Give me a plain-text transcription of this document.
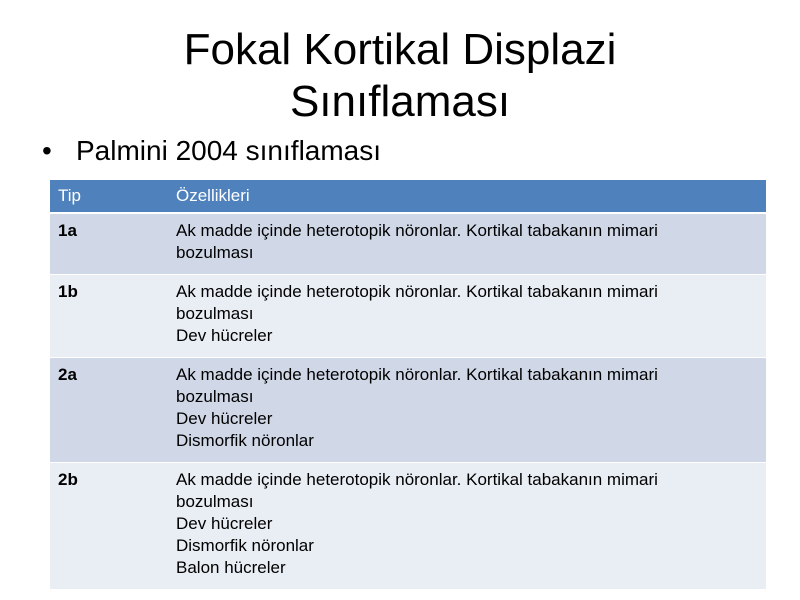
Fokal Kortikal Displazi
Sınıflaması
• Palmini 2004 sınıflaması
Tip	Özellikleri
1a	Ak madde içinde heterotopik nöronlar. Kortikal tabakanın mimari
bozulması

1b	Ak madde içinde heterotopik nöronlar. Kortikal tabakanın mimari
bozulması
Dev hücreler

2a	Ak madde içinde heterotopik nöronlar. Kortikal tabakanın mimari
bozulması
Dev hücreler
Dismorfik nöronlar

2b	Ak madde içinde heterotopik nöronlar. Kortikal tabakanın mimari
bozulması
Dev hücreler
Dismorfik nöronlar
Balon hücreler
